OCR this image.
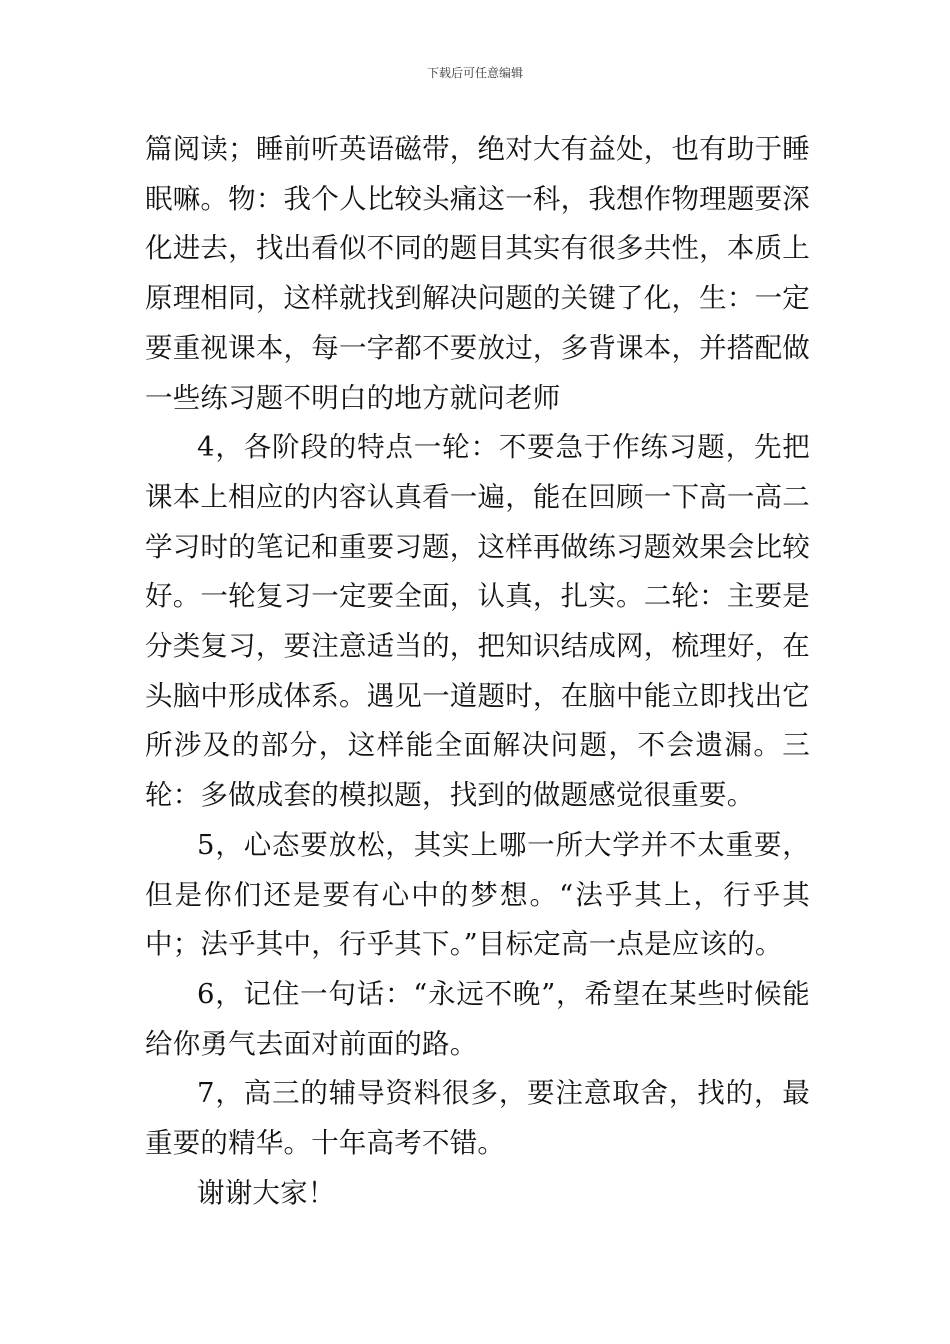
下载后可任意编辑

篇阅读；睡前听英语磁带，绝对大有益处，也有助于睡眠嘛。物：我个人比较头痛这一科，我想作物理题要深化进去，找出看似不同的题目其实有很多共性，本质上原理相同，这样就找到解决问题的关键了化，生：一定要重视课本，每一字都不要放过，多背课本，并搭配做一些练习题不明白的地方就问老师

4，各阶段的特点一轮：不要急于作练习题，先把课本上相应的内容认真看一遍，能在回顾一下高一高二学习时的笔记和重要习题，这样再做练习题效果会比较好。一轮复习一定要全面，认真，扎实。二轮：主要是分类复习，要注意适当的，把知识结成网，梳理好，在头脑中形成体系。遇见一道题时，在脑中能立即找出它所涉及的部分，这样能全面解决问题，不会遗漏。三轮：多做成套的模拟题，找到的做题感觉很重要。

5，心态要放松，其实上哪一所大学并不太重要，但是你们还是要有心中的梦想。“法乎其上，行乎其中；法乎其中，行乎其下。”目标定高一点是应该的。

6，记住一句话：“永远不晚”，希望在某些时候能给你勇气去面对前面的路。

7，高三的辅导资料很多，要注意取舍，找的，最重要的精华。十年高考不错。

谢谢大家！
